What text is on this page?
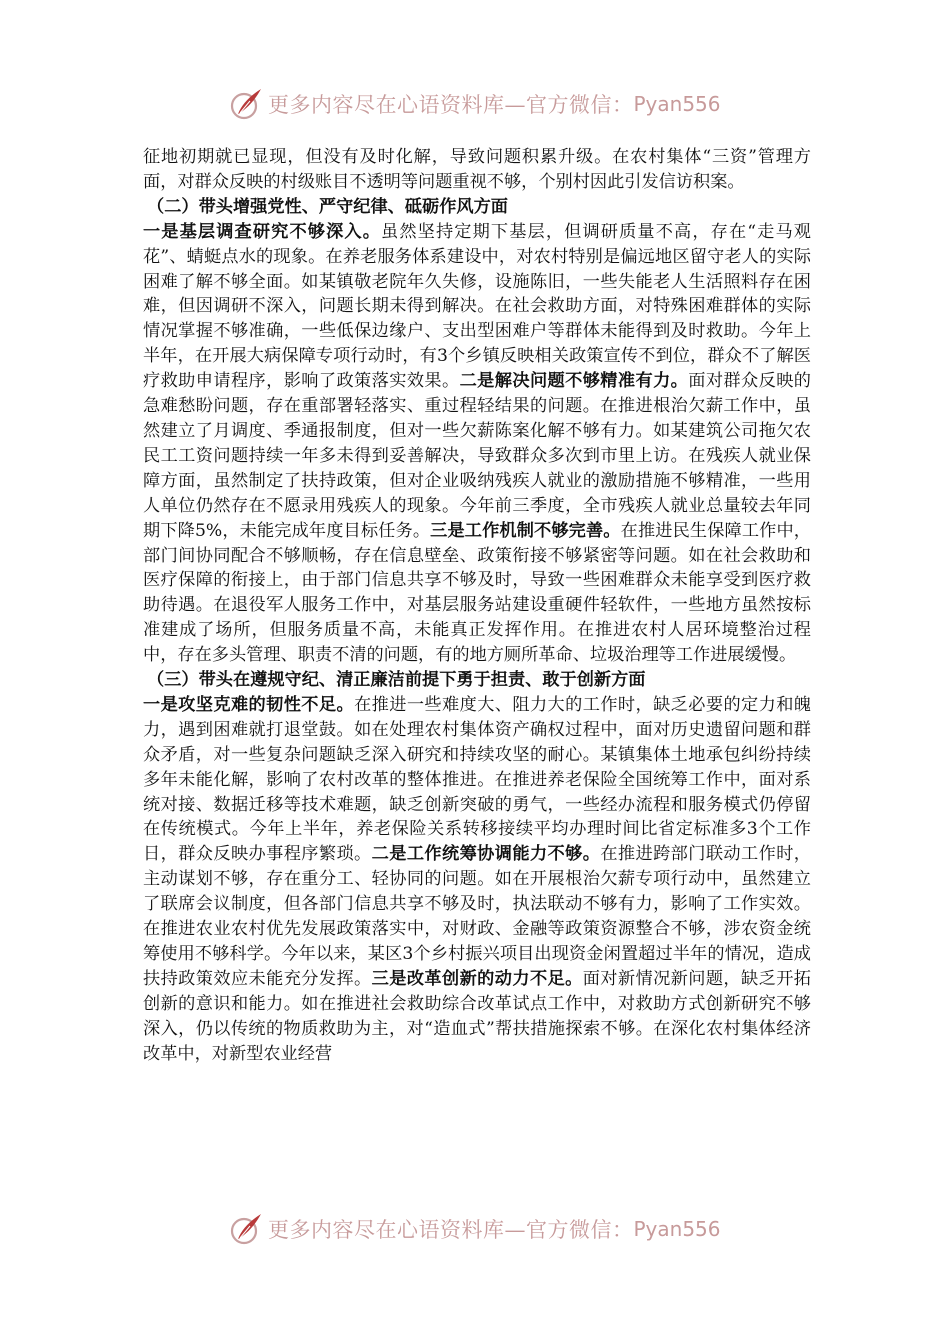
更多内容尽在心语资料库—官方微信： Pyan556

征地初期就已显现，但没有及时化解，导致问题积累升级。在农村集体“三资”管理方面，对群众反映的村级账目不透明等问题重视不够，个别村因此引发信访积案。

（二）带头增强党性、严守纪律、砥砺作风方面

一是基层调查研究不够深入。虽然坚持定期下基层，但调研质量不高，存在“走马观花”、蜻蜓点水的现象。在养老服务体系建设中，对农村特别是偏远地区留守老人的实际困难了解不够全面。如某镇敬老院年久失修，设施陈旧，一些失能老人生活照料存在困难，但因调研不深入，问题长期未得到解决。在社会救助方面，对特殊困难群体的实际情况掌握不够准确，一些低保边缘户、支出型困难户等群体未能得到及时救助。今年上半年，在开展大病保障专项行动时，有3个乡镇反映相关政策宣传不到位，群众不了解医疗救助申请程序，影响了政策落实效果。二是解决问题不够精准有力。面对群众反映的急难愁盼问题，存在重部署轻落实、重过程轻结果的问题。在推进根治欠薪工作中，虽然建立了月调度、季通报制度，但对一些欠薪陈案化解不够有力。如某建筑公司拖欠农民工工资问题持续一年多未得到妥善解决，导致群众多次到市里上访。在残疾人就业保障方面，虽然制定了扶持政策，但对企业吸纳残疾人就业的激励措施不够精准，一些用人单位仍然存在不愿录用残疾人的现象。今年前三季度，全市残疾人就业总量较去年同期下降5%，未能完成年度目标任务。三是工作机制不够完善。在推进民生保障工作中，部门间协同配合不够顺畅，存在信息壁垒、政策衔接不够紧密等问题。如在社会救助和医疗保障的衔接上，由于部门信息共享不够及时，导致一些困难群众未能享受到医疗救助待遇。在退役军人服务工作中，对基层服务站建设重硬件轻软件，一些地方虽然按标准建成了场所，但服务质量不高，未能真正发挥作用。在推进农村人居环境整治过程中，存在多头管理、职责不清的问题，有的地方厕所革命、垃圾治理等工作进展缓慢。

（三）带头在遵规守纪、清正廉洁前提下勇于担责、敢于创新方面

一是攻坚克难的韧性不足。在推进一些难度大、阻力大的工作时，缺乏必要的定力和魄力，遇到困难就打退堂鼓。如在处理农村集体资产确权过程中，面对历史遗留问题和群众矛盾，对一些复杂问题缺乏深入研究和持续攻坚的耐心。某镇集体土地承包纠纷持续多年未能化解，影响了农村改革的整体推进。在推进养老保险全国统筹工作中，面对系统对接、数据迁移等技术难题，缺乏创新突破的勇气，一些经办流程和服务模式仍停留在传统模式。今年上半年，养老保险关系转移接续平均办理时间比省定标准多3个工作日，群众反映办事程序繁琐。二是工作统筹协调能力不够。在推进跨部门联动工作时，主动谋划不够，存在重分工、轻协同的问题。如在开展根治欠薪专项行动中，虽然建立了联席会议制度，但各部门信息共享不够及时，执法联动不够有力，影响了工作实效。在推进农业农村优先发展政策落实中，对财政、金融等政策资源整合不够，涉农资金统筹使用不够科学。今年以来，某区3个乡村振兴项目出现资金闲置超过半年的情况，造成扶持政策效应未能充分发挥。三是改革创新的动力不足。面对新情况新问题，缺乏开拓创新的意识和能力。如在推进社会救助综合改革试点工作中，对救助方式创新研究不够深入，仍以传统的物质救助为主，对“造血式”帮扶措施探索不够。在深化农村集体经济改革中，对新型农业经营

更多内容尽在心语资料库—官方微信： Pyan556
